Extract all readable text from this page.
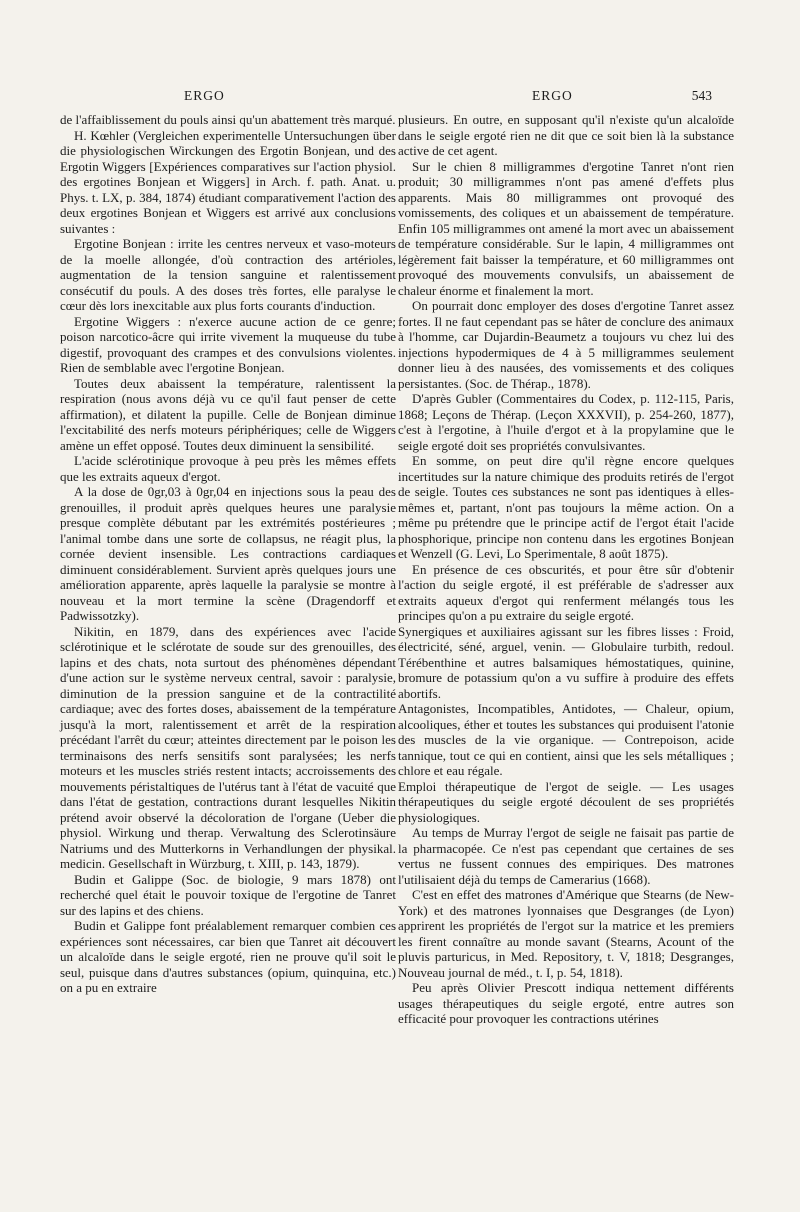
ERGO	ERGO	543

de l'affaiblissement du pouls ainsi qu'un abattement très marqué.

H. Kœhler (Vergleichen experimentelle Untersuchungen über die physiologischen Wirckungen des Ergotin Bonjean, und des Ergotin Wiggers [Expériences comparatives sur l'action physiol. des ergotines Bonjean et Wiggers] in Arch. f. path. Anat. u. Phys. t. LX, p. 384, 1874) étudiant comparativement l'action des deux ergotines Bonjean et Wiggers est arrivé aux conclusions suivantes :

Ergotine Bonjean : irrite les centres nerveux et vaso-moteurs de la moelle allongée, d'où contraction des artérioles, augmentation de la tension sanguine et ralentissement consécutif du pouls. A des doses très fortes, elle paralyse le cœur dès lors inexcitable aux plus forts courants d'induction.

Ergotine Wiggers : n'exerce aucune action de ce genre; poison narcotico-âcre qui irrite vivement la muqueuse du tube digestif, provoquant des crampes et des convulsions violentes. Rien de semblable avec l'ergotine Bonjean.

Toutes deux abaissent la température, ralentissent la respiration (nous avons déjà vu ce qu'il faut penser de cette affirmation), et dilatent la pupille. Celle de Bonjean diminue l'excitabilité des nerfs moteurs périphériques; celle de Wiggers amène un effet opposé. Toutes deux diminuent la sensibilité.

L'acide sclérotinique provoque à peu près les mêmes effets que les extraits aqueux d'ergot.

A la dose de 0gr,03 à 0gr,04 en injections sous la peau des grenouilles, il produit après quelques heures une paralysie presque complète débutant par les extrémités postérieures ; l'animal tombe dans une sorte de collapsus, ne réagit plus, la cornée devient insensible. Les contractions cardiaques diminuent considérablement. Survient après quelques jours une amélioration apparente, après laquelle la paralysie se montre à nouveau et la mort termine la scène (Dragendorff et Padwissotzky).

Nikitin, en 1879, dans des expériences avec l'acide sclérotinique et le sclérotate de soude sur des grenouilles, des lapins et des chats, nota surtout des phénomènes dépendant d'une action sur le système nerveux central, savoir : paralysie, diminution de la pression sanguine et de la contractilité cardiaque; avec des fortes doses, abaissement de la température jusqu'à la mort, ralentissement et arrêt de la respiration précédant l'arrêt du cœur; atteintes directement par le poison les terminaisons des nerfs sensitifs sont paralysées; les nerfs moteurs et les muscles striés restent intacts; accroissements des mouvements péristaltiques de l'utérus tant à l'état de vacuité que dans l'état de gestation, contractions durant lesquelles Nikitin prétend avoir observé la décoloration de l'organe (Ueber die physiol. Wirkung und therap. Verwaltung des Sclerotinsäure Natriums und des Mutterkorns in Verhandlungen der physikal. medicin. Gesellschaft in Würzburg, t. XIII, p. 143, 1879).

Budin et Galippe (Soc. de biologie, 9 mars 1878) ont recherché quel était le pouvoir toxique de l'ergotine de Tanret sur des lapins et des chiens.

Budin et Galippe font préalablement remarquer combien ces expériences sont nécessaires, car bien que Tanret ait découvert un alcaloïde dans le seigle ergoté, rien ne prouve qu'il soit le seul, puisque dans d'autres substances (opium, quinquina, etc.) on a pu en extraire

plusieurs. En outre, en supposant qu'il n'existe qu'un alcaloïde dans le seigle ergoté rien ne dit que ce soit bien là la substance active de cet agent.

Sur le chien 8 milligrammes d'ergotine Tanret n'ont rien produit; 30 milligrammes n'ont pas amené d'effets plus apparents. Mais 80 milligrammes ont provoqué des vomissements, des coliques et un abaissement de température. Enfin 105 milligrammes ont amené la mort avec un abaissement de température considérable. Sur le lapin, 4 milligrammes ont légèrement fait baisser la température, et 60 milligrammes ont provoqué des mouvements convulsifs, un abaissement de chaleur énorme et finalement la mort.

On pourrait donc employer des doses d'ergotine Tanret assez fortes. Il ne faut cependant pas se hâter de conclure des animaux à l'homme, car Dujardin-Beaumetz a toujours vu chez lui des injections hypodermiques de 4 à 5 milligrammes seulement donner lieu à des nausées, des vomissements et des coliques persistantes. (Soc. de Thérap., 1878).

D'après Gubler (Commentaires du Codex, p. 112-115, Paris, 1868; Leçons de Thérap. (Leçon XXXVII), p. 254-260, 1877), c'est à l'ergotine, à l'huile d'ergot et à la propylamine que le seigle ergoté doit ses propriétés convulsivantes.

En somme, on peut dire qu'il règne encore quelques incertitudes sur la nature chimique des produits retirés de l'ergot de seigle. Toutes ces substances ne sont pas identiques à elles-mêmes et, partant, n'ont pas toujours la même action. On a même pu prétendre que le principe actif de l'ergot était l'acide phosphorique, principe non contenu dans les ergotines Bonjean et Wenzell (G. Levi, Lo Sperimentale, 8 août 1875).

En présence de ces obscurités, et pour être sûr d'obtenir l'action du seigle ergoté, il est préférable de s'adresser aux extraits aqueux d'ergot qui renferment mélangés tous les principes qu'on a pu extraire du seigle ergoté.

Synergiques et auxiliaires agissant sur les fibres lisses : Froid, électricité, séné, arguel, venin. — Globulaire turbith, redoul. Térébenthine et autres balsamiques hémostatiques, quinine, bromure de potassium qu'on a vu suffire à produire des effets abortifs.

Antagonistes, Incompatibles, Antidotes, — Chaleur, opium, alcooliques, éther et toutes les substances qui produisent l'atonie des muscles de la vie organique. — Contrepoison, acide tannique, tout ce qui en contient, ainsi que les sels métalliques ; chlore et eau régale.

Emploi thérapeutique de l'ergot de seigle. — Les usages thérapeutiques du seigle ergoté découlent de ses propriétés physiologiques.

Au temps de Murray l'ergot de seigle ne faisait pas partie de la pharmacopée. Ce n'est pas cependant que certaines de ses vertus ne fussent connues des empiriques. Des matrones l'utilisaient déjà du temps de Camerarius (1668).

C'est en effet des matrones d'Amérique que Stearns (de New-York) et des matrones lyonnaises que Desgranges (de Lyon) apprirent les propriétés de l'ergot sur la matrice et les premiers les firent connaître au monde savant (Stearns, Acount of the pluvis parturicus, in Med. Repository, t. V, 1818; Desgranges, Nouveau journal de méd., t. I, p. 54, 1818).

Peu après Olivier Prescott indiqua nettement différents usages thérapeutiques du seigle ergoté, entre autres son efficacité pour provoquer les contractions utérines
